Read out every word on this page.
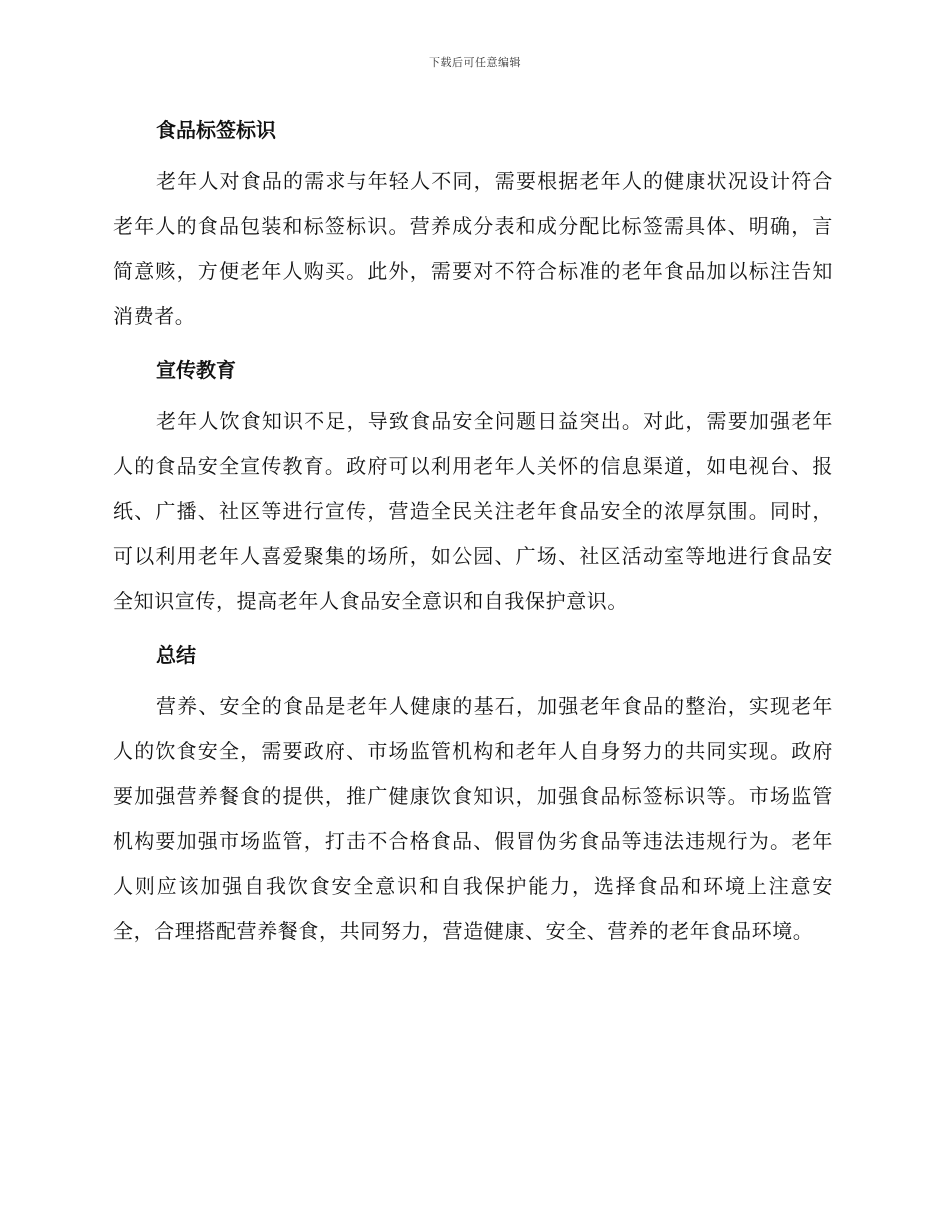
下载后可任意编辑
食品标签标识

老年人对食品的需求与年轻人不同，需要根据老年人的健康状况设计符合老年人的食品包装和标签标识。营养成分表和成分配比标签需具体、明确，言简意赅，方便老年人购买。此外，需要对不符合标准的老年食品加以标注告知消费者。

宣传教育

老年人饮食知识不足，导致食品安全问题日益突出。对此，需要加强老年人的食品安全宣传教育。政府可以利用老年人关怀的信息渠道，如电视台、报纸、广播、社区等进行宣传，营造全民关注老年食品安全的浓厚氛围。同时，可以利用老年人喜爱聚集的场所，如公园、广场、社区活动室等地进行食品安全知识宣传，提高老年人食品安全意识和自我保护意识。

总结

营养、安全的食品是老年人健康的基石，加强老年食品的整治，实现老年人的饮食安全，需要政府、市场监管机构和老年人自身努力的共同实现。政府要加强营养餐食的提供，推广健康饮食知识，加强食品标签标识等。市场监管机构要加强市场监管，打击不合格食品、假冒伪劣食品等违法违规行为。老年人则应该加强自我饮食安全意识和自我保护能力，选择食品和环境上注意安全，合理搭配营养餐食，共同努力，营造健康、安全、营养的老年食品环境。
